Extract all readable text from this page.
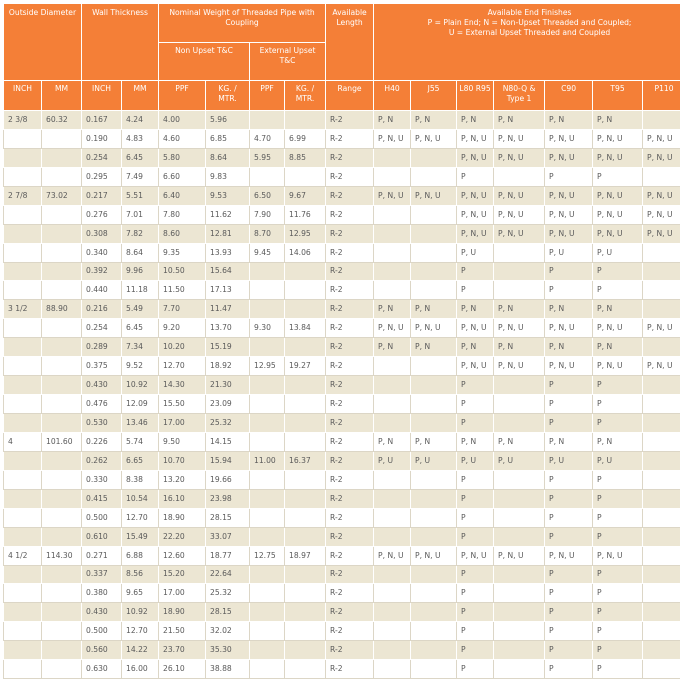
Outside Diameter		Wall Thickness		Nominal Weight of Threaded Pipe with Coupling				Available Length	Available End Finishes
P = Plain End; N = Non-Upset Threaded and Coupled;
U = External Upset Threaded and Coupled						

				Non Upset T&C		External Upset T&C									
INCH	MM	INCH	MM	PPF	KG. / MTR.	PPF	KG. / MTR.	Range	H40	J55	L80 R95	N80-Q & Type 1	C90	T95	P110
2 3/8	60.32	0.167	4.24	4.00	5.96			R-2	P, N	P, N	P, N	P, N	P, N	P, N	
		0.190	4.83	4.60	6.85	4.70	6.99	R-2	P, N, U	P, N, U	P, N, U	P, N, U	P, N, U	P, N, U	P, N, U
		0.254	6.45	5.80	8.64	5.95	8.85	R-2			P, N, U	P, N, U	P, N, U	P, N, U	P, N, U
		0.295	7.49	6.60	9.83			R-2			P		P	P	
2 7/8	73.02	0.217	5.51	6.40	9.53	6.50	9.67	R-2	P, N, U	P, N, U	P, N, U	P, N, U	P, N, U	P, N, U	P, N, U
		0.276	7.01	7.80	11.62	7.90	11.76	R-2			P, N, U	P, N, U	P, N, U	P, N, U	P, N, U
		0.308	7.82	8.60	12.81	8.70	12.95	R-2			P, N, U	P, N, U	P, N, U	P, N, U	P, N, U
		0.340	8.64	9.35	13.93	9.45	14.06	R-2			P, U		P, U	P, U	
		0.392	9.96	10.50	15.64			R-2			P		P	P	
		0.440	11.18	11.50	17.13			R-2			P		P	P	
3 1/2	88.90	0.216	5.49	7.70	11.47			R-2	P, N	P, N	P, N	P, N	P, N	P, N	
		0.254	6.45	9.20	13.70	9.30	13.84	R-2	P, N, U	P, N, U	P, N, U	P, N, U	P, N, U	P, N, U	P, N, U
		0.289	7.34	10.20	15.19			R-2	P, N	P, N	P, N	P, N	P, N	P, N	
		0.375	9.52	12.70	18.92	12.95	19.27	R-2			P, N, U	P, N, U	P, N, U	P, N, U	P, N, U
		0.430	10.92	14.30	21.30			R-2			P		P	P	
		0.476	12.09	15.50	23.09			R-2			P		P	P	
		0.530	13.46	17.00	25.32			R-2			P		P	P	
4	101.60	0.226	5.74	9.50	14.15			R-2	P, N	P, N	P, N	P, N	P, N	P, N	
		0.262	6.65	10.70	15.94	11.00	16.37	R-2	P, U	P, U	P, U	P, U	P, U	P, U	
		0.330	8.38	13.20	19.66			R-2			P		P	P	
		0.415	10.54	16.10	23.98			R-2			P		P	P	
		0.500	12.70	18.90	28.15			R-2			P		P	P	
		0.610	15.49	22.20	33.07			R-2			P		P	P	
4 1/2	114.30	0.271	6.88	12.60	18.77	12.75	18.97	R-2	P, N, U	P, N, U	P, N, U	P, N, U	P, N, U	P, N, U	
		0.337	8.56	15.20	22.64			R-2			P		P	P	
		0.380	9.65	17.00	25.32			R-2			P		P	P	
		0.430	10.92	18.90	28.15			R-2			P		P	P	
		0.500	12.70	21.50	32.02			R-2			P		P	P	
		0.560	14.22	23.70	35.30			R-2			P		P	P	
		0.630	16.00	26.10	38.88			R-2			P		P	P	
